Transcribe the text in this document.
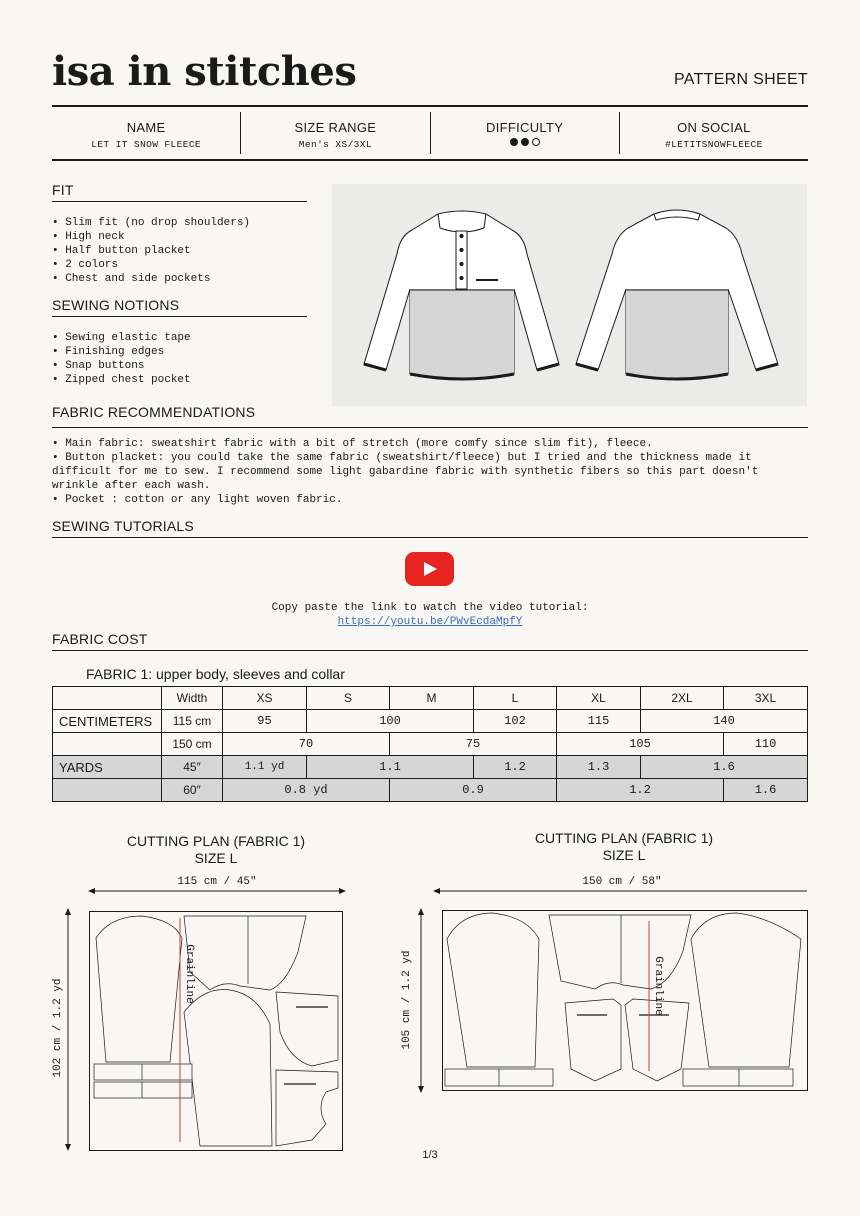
isa in stitches	PATTERN SHEET
NAME
LET IT SNOW FLEECE
SIZE RANGE
Men's XS/3XL
DIFFICULTY	ON SOCIAL
#LETITSNOWFLEECE
FIT
• Slim fit (no drop shoulders)
• High neck
• Half button placket
• 2 colors
• Chest and side pockets
SEWING NOTIONS
• Sewing elastic tape
• Finishing edges
• Snap buttons
• Zipped chest pocket
FABRIC RECOMMENDATIONS
• Main fabric: sweatshirt fabric with a bit of stretch (more comfy since slim fit), fleece.
• Button placket: you could take the same fabric (sweatshirt/fleece) but I tried and the thickness made it difficult for me to sew. I recommend some light gabardine fabric with synthetic fibers so this part doesn't wrinkle after each wash.
• Pocket : cotton or any light woven fabric.
SEWING TUTORIALS
Copy paste the link to watch the video tutorial:
https://youtu.be/PWvEcdaMpfY
FABRIC COST
FABRIC 1: upper body, sleeves and collar
	Width	XS	S	M	L	XL	2XL	3XL
CENTIMETERS	115 cm	95	100		102	115	140	
	150 cm	70		75		105		110
YARDS	45″	1.1 yd	1.1		1.2	1.3	1.6	
	60″	0.8 yd		0.9		1.2		1.6
CUTTING PLAN (FABRIC 1)
SIZE L
115 cm / 45″
102 cm / 1.2 yd
Grainline
CUTTING PLAN (FABRIC 1)
SIZE L
150 cm / 58″
105 cm / 1.2 yd	Grainline
1/3
